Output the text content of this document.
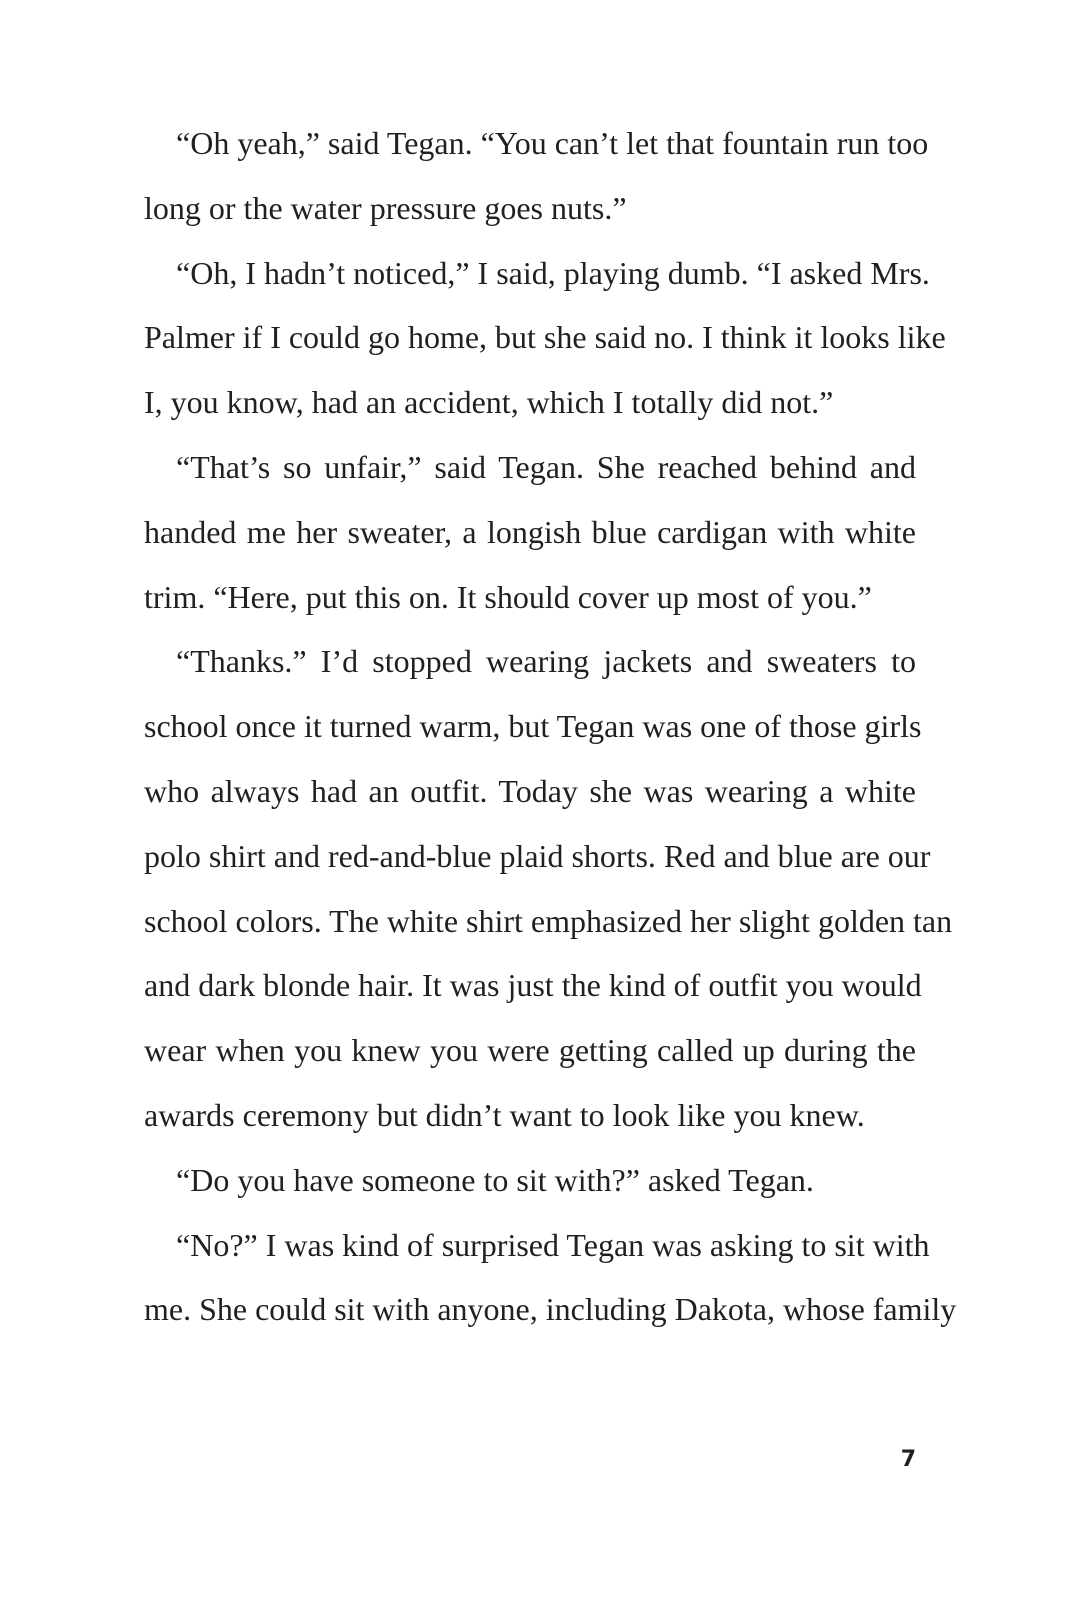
“Oh yeah,” said Tegan. “You can’t let that fountain run too
long or the water pressure goes nuts.”
“Oh, I hadn’t noticed,” I said, playing dumb. “I asked Mrs.
Palmer if I could go home, but she said no. I think it looks like
I, you know, had an accident, which I totally did not.”
“That’s so unfair,” said Tegan. She reached behind and
handed me her sweater, a longish blue cardigan with white
trim. “Here, put this on. It should cover up most of you.”
“Thanks.” I’d stopped wearing jackets and sweaters to
school once it turned warm, but Tegan was one of those girls
who always had an outfit. Today she was wearing a white
polo shirt and red-and-blue plaid shorts. Red and blue are our
school colors. The white shirt emphasized her slight golden tan
and dark blonde hair. It was just the kind of outfit you would
wear when you knew you were getting called up during the
awards ceremony but didn’t want to look like you knew.
“Do you have someone to sit with?” asked Tegan.
“No?” I was kind of surprised Tegan was asking to sit with
me. She could sit with anyone, including Dakota, whose family
7
